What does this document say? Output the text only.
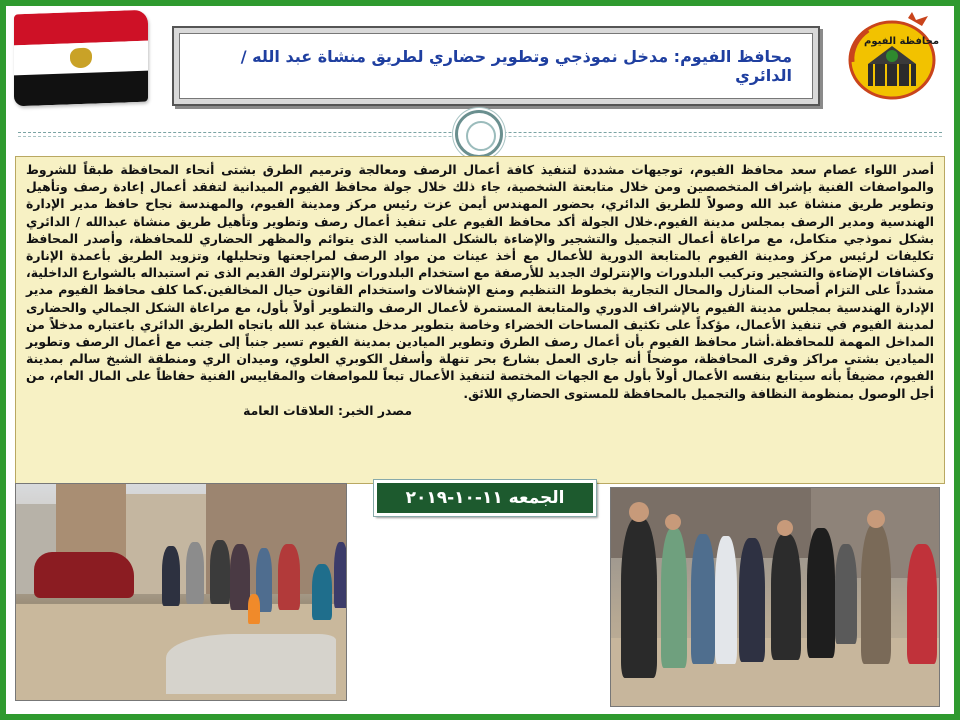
محافظ الفيوم: مدخل نموذجي وتطوير حضاري لطريق منشاة عبد الله / الدائري
محافظة الفيوم

أصدر اللواء عصام سعد محافظ الفيوم، توجيهات مشددة لتنفيذ كافة أعمال الرصف ومعالجة وترميم الطرق بشتى أنحاء المحافظة طبقاً للشروط والمواصفات الفنية بإشراف المتخصصين ومن خلال متابعتة الشخصية، جاء ذلك خلال جولة محافظ الفيوم الميدانية لتفقد أعمال إعادة رصف وتأهيل وتطوير طريق منشاة عبد الله وصولاً للطريق الدائري، بحضور المهندس أيمن عزت رئيس مركز ومدينة الفيوم، والمهندسة نجاح حافظ مدير الإدارة الهندسية ومدير الرصف بمجلس مدينة الفيوم.خلال الجولة أكد محافظ الفيوم على تنفيذ أعمال رصف وتطوير وتأهيل طريق منشاة عبدالله / الدائري بشكل نموذجي متكامل، مع مراعاة أعمال التجميل والتشجير والإضاءة بالشكل المناسب الذى يتوائم والمظهر الحضاري للمحافظة، وأصدر المحافظ تكليفات لرئيس مركز ومدينة الفيوم بالمتابعة الدورية للأعمال مع أخذ عينات من مواد الرصف لمراجعتها وتحليلها، وتزويد الطريق بأعمدة الإنارة وكشافات الإضاءة والتشجير وتركيب البلدورات والإنترلوك الجديد للأرصفة مع استخدام البلدورات والإنترلوك القديم الذى تم استبداله بالشوارع الداخلية، مشدداً على التزام أصحاب المنازل والمحال التجارية بخطوط التنظيم ومنع الإشغالات واستخدام القانون حيال المخالفين.كما كلف محافظ الفيوم مدير الإدارة الهندسية بمجلس مدينة الفيوم بالإشراف الدوري والمتابعة المستمرة لأعمال الرصف والتطوير أولاً بأول، مع مراعاة الشكل الجمالي والحضارى لمدينة الفيوم في تنفيذ الأعمال، مؤكداً على تكثيف المساحات الخضراء وخاصة بتطوير مدخل منشاة عبد الله باتجاه الطريق الدائري باعتباره مدخلاً من المداخل المهمة للمحافظة.أشار محافظ الفيوم بأن أعمال رصف الطرق وتطوير الميادين بمدينة الفيوم تسير جنباً إلى جنب مع أعمال الرصف وتطوير الميادين بشتى مراكز وقرى المحافظة، موضحاً أنه جارى العمل بشارع بحر تنهلة وأسفل الكوبري العلوي، وميدان الري ومنطقة الشيخ سالم بمدينة الفيوم، مضيفاً بأنه سيتابع بنفسه الأعمال أولاً بأول مع الجهات المختصة لتنفيذ الأعمال تبعاً للمواصفات والمقاييس الفنية حفاظاً على المال العام، من أجل الوصول بمنظومة النظافة والتجميل بالمحافظة للمستوى الحضاري اللائق.

مصدر الخبر: العلاقات العامة

الجمعه ١١-١٠-٢٠١٩
